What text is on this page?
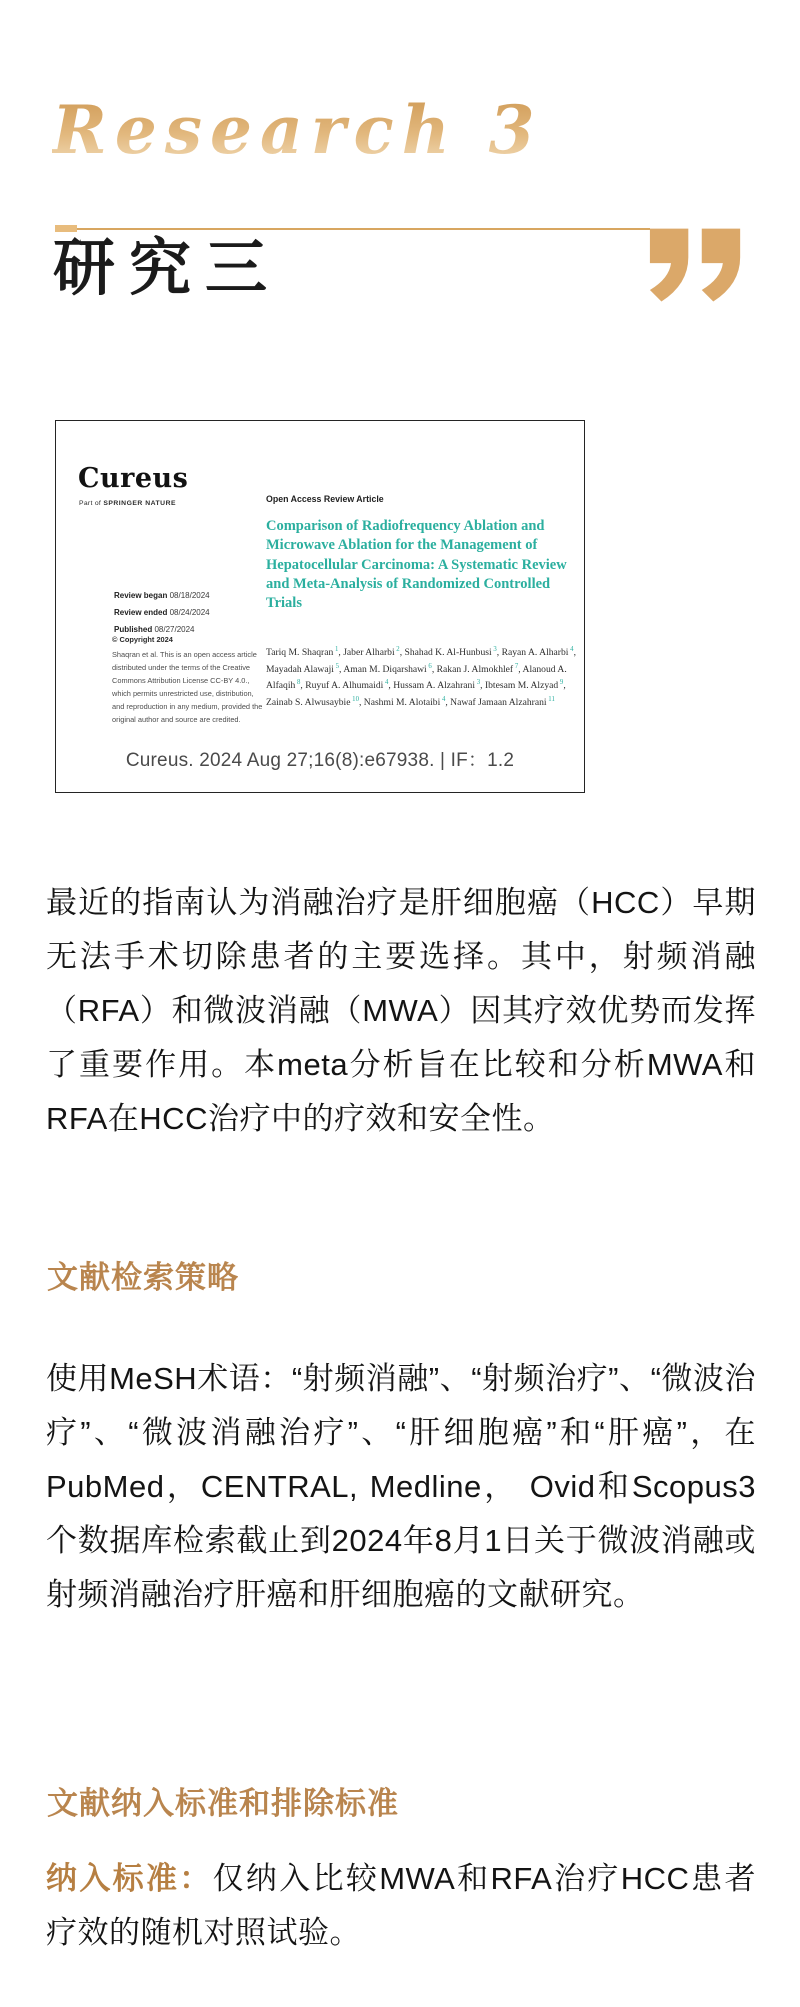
Research 3
研究三
Cureus
Part of SPRINGER NATURE	Open Access Review Article
Comparison of Radiofrequency Ablation and Microwave Ablation for the Management of Hepatocellular Carcinoma: A Systematic Review and Meta-Analysis of Randomized Controlled Trials
Review began 08/18/2024
Review ended 08/24/2024
Published 08/27/2024
© Copyright 2024
Shaqran et al. This is an open access article distributed under the terms of the Creative Commons Attribution License CC-BY 4.0., which permits unrestricted use, distribution, and reproduction in any medium, provided the original author and source are credited.
Tariq M. Shaqran $^1$, Jaber Alharbi $^2$, Shahad K. Al-Hunbusi $^3$, Rayan A. Alharbi $^4$, Mayadah Alawaji $^5$, Aman M. Diqarshawi $^6$, Rakan J. Almokhlef $^7$, Alanoud A. Alfaqih $^8$, Ruyuf A. Alhumaidi $^4$, Hussam A. Alzahrani $^3$, Ibtesam M. Alzyad $^9$, Zainab S. Alwusaybie $^{10}$, Nashmi M. Alotaibi $^4$, Nawaf Jamaan Alzahrani $^{11}$
Cureus. 2024 Aug 27;16(8):e67938. | IF：1.2
最近的指南认为消融治疗是肝细胞癌（HCC）早期无法手术切除患者的主要选择。其中，射频消融（RFA）和微波消融（MWA）因其疗效优势而发挥了重要作用。本meta分析旨在比较和分析MWA和RFA在HCC治疗中的疗效和安全性。
文献检索策略
使用MeSH术语：“射频消融”、“射频治疗”、“微波治疗”、“微波消融治疗”、“肝细胞癌”和“肝癌”，在PubMed，CENTRAL, Medline， Ovid和Scopus3个数据库检索截止到2024年8月1日关于微波消融或射频消融治疗肝癌和肝细胞癌的文献研究。
文献纳入标准和排除标准
纳入标准：仅纳入比较MWA和RFA治疗HCC患者疗效的随机对照试验。
